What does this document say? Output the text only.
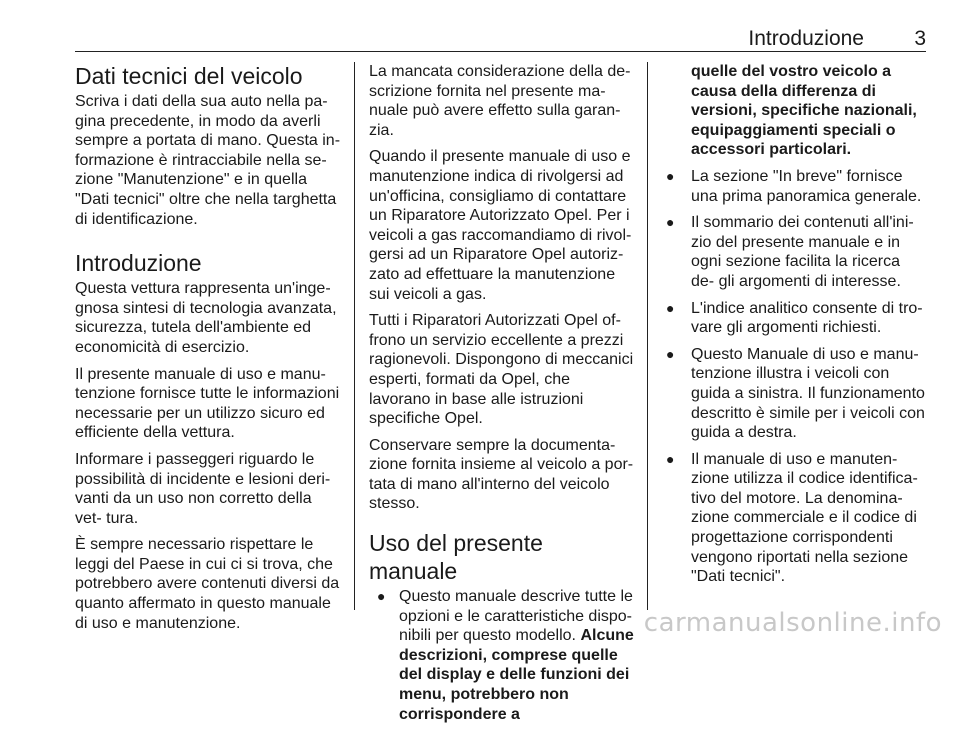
Introduzione 3
Dati tecnici del veicolo

Scriva i dati della sua auto nella pa- gina precedente, in modo da averli sempre a portata di mano. Questa in- formazione è rintracciabile nella se- zione "Manutenzione" e in quella "Dati tecnici" oltre che nella targhetta di identificazione.

Introduzione

Questa vettura rappresenta un'inge- gnosa sintesi di tecnologia avanzata, sicurezza, tutela dell'ambiente ed economicità di esercizio.

Il presente manuale di uso e manu- tenzione fornisce tutte le informazioni necessarie per un utilizzo sicuro ed efficiente della vettura.

Informare i passeggeri riguardo le possibilità di incidente e lesioni deri- vanti da un uso non corretto della vet- tura.

È sempre necessario rispettare le leggi del Paese in cui ci si trova, che potrebbero avere contenuti diversi da quanto affermato in questo manuale di uso e manutenzione.

La mancata considerazione della de- scrizione fornita nel presente ma- nuale può avere effetto sulla garan- zia.

Quando il presente manuale di uso e manutenzione indica di rivolgersi ad un'officina, consigliamo di contattare un Riparatore Autorizzato Opel. Per i veicoli a gas raccomandiamo di rivol- gersi ad un Riparatore Opel autoriz- zato ad effettuare la manutenzione sui veicoli a gas.

Tutti i Riparatori Autorizzati Opel of- frono un servizio eccellente a prezzi ragionevoli. Dispongono di meccanici esperti, formati da Opel, che lavorano in base alle istruzioni specifiche Opel.

Conservare sempre la documenta- zione fornita insieme al veicolo a por- tata di mano all'interno del veicolo stesso.

Uso del presente manuale
● Questo manuale descrive tutte le opzioni e le caratteristiche dispo- nibili per questo modello. Alcune descrizioni, comprese quelle del display e delle funzioni dei menu, potrebbero non corrispondere a
quelle del vostro veicolo a causa della differenza di versioni, specifiche nazionali, equipaggiamenti speciali o accessori particolari.
● La sezione "In breve" fornisce una prima panoramica generale.
● Il sommario dei contenuti all'ini- zio del presente manuale e in ogni sezione facilita la ricerca de- gli argomenti di interesse.
● L'indice analitico consente di tro- vare gli argomenti richiesti.
● Questo Manuale di uso e manu- tenzione illustra i veicoli con guida a sinistra. Il funzionamento descritto è simile per i veicoli con guida a destra.
● Il manuale di uso e manuten- zione utilizza il codice identifica- tivo del motore. La denomina- zione commerciale e il codice di progettazione corrispondenti vengono riportati nella sezione "Dati tecnici".
carmanualsonline.info
